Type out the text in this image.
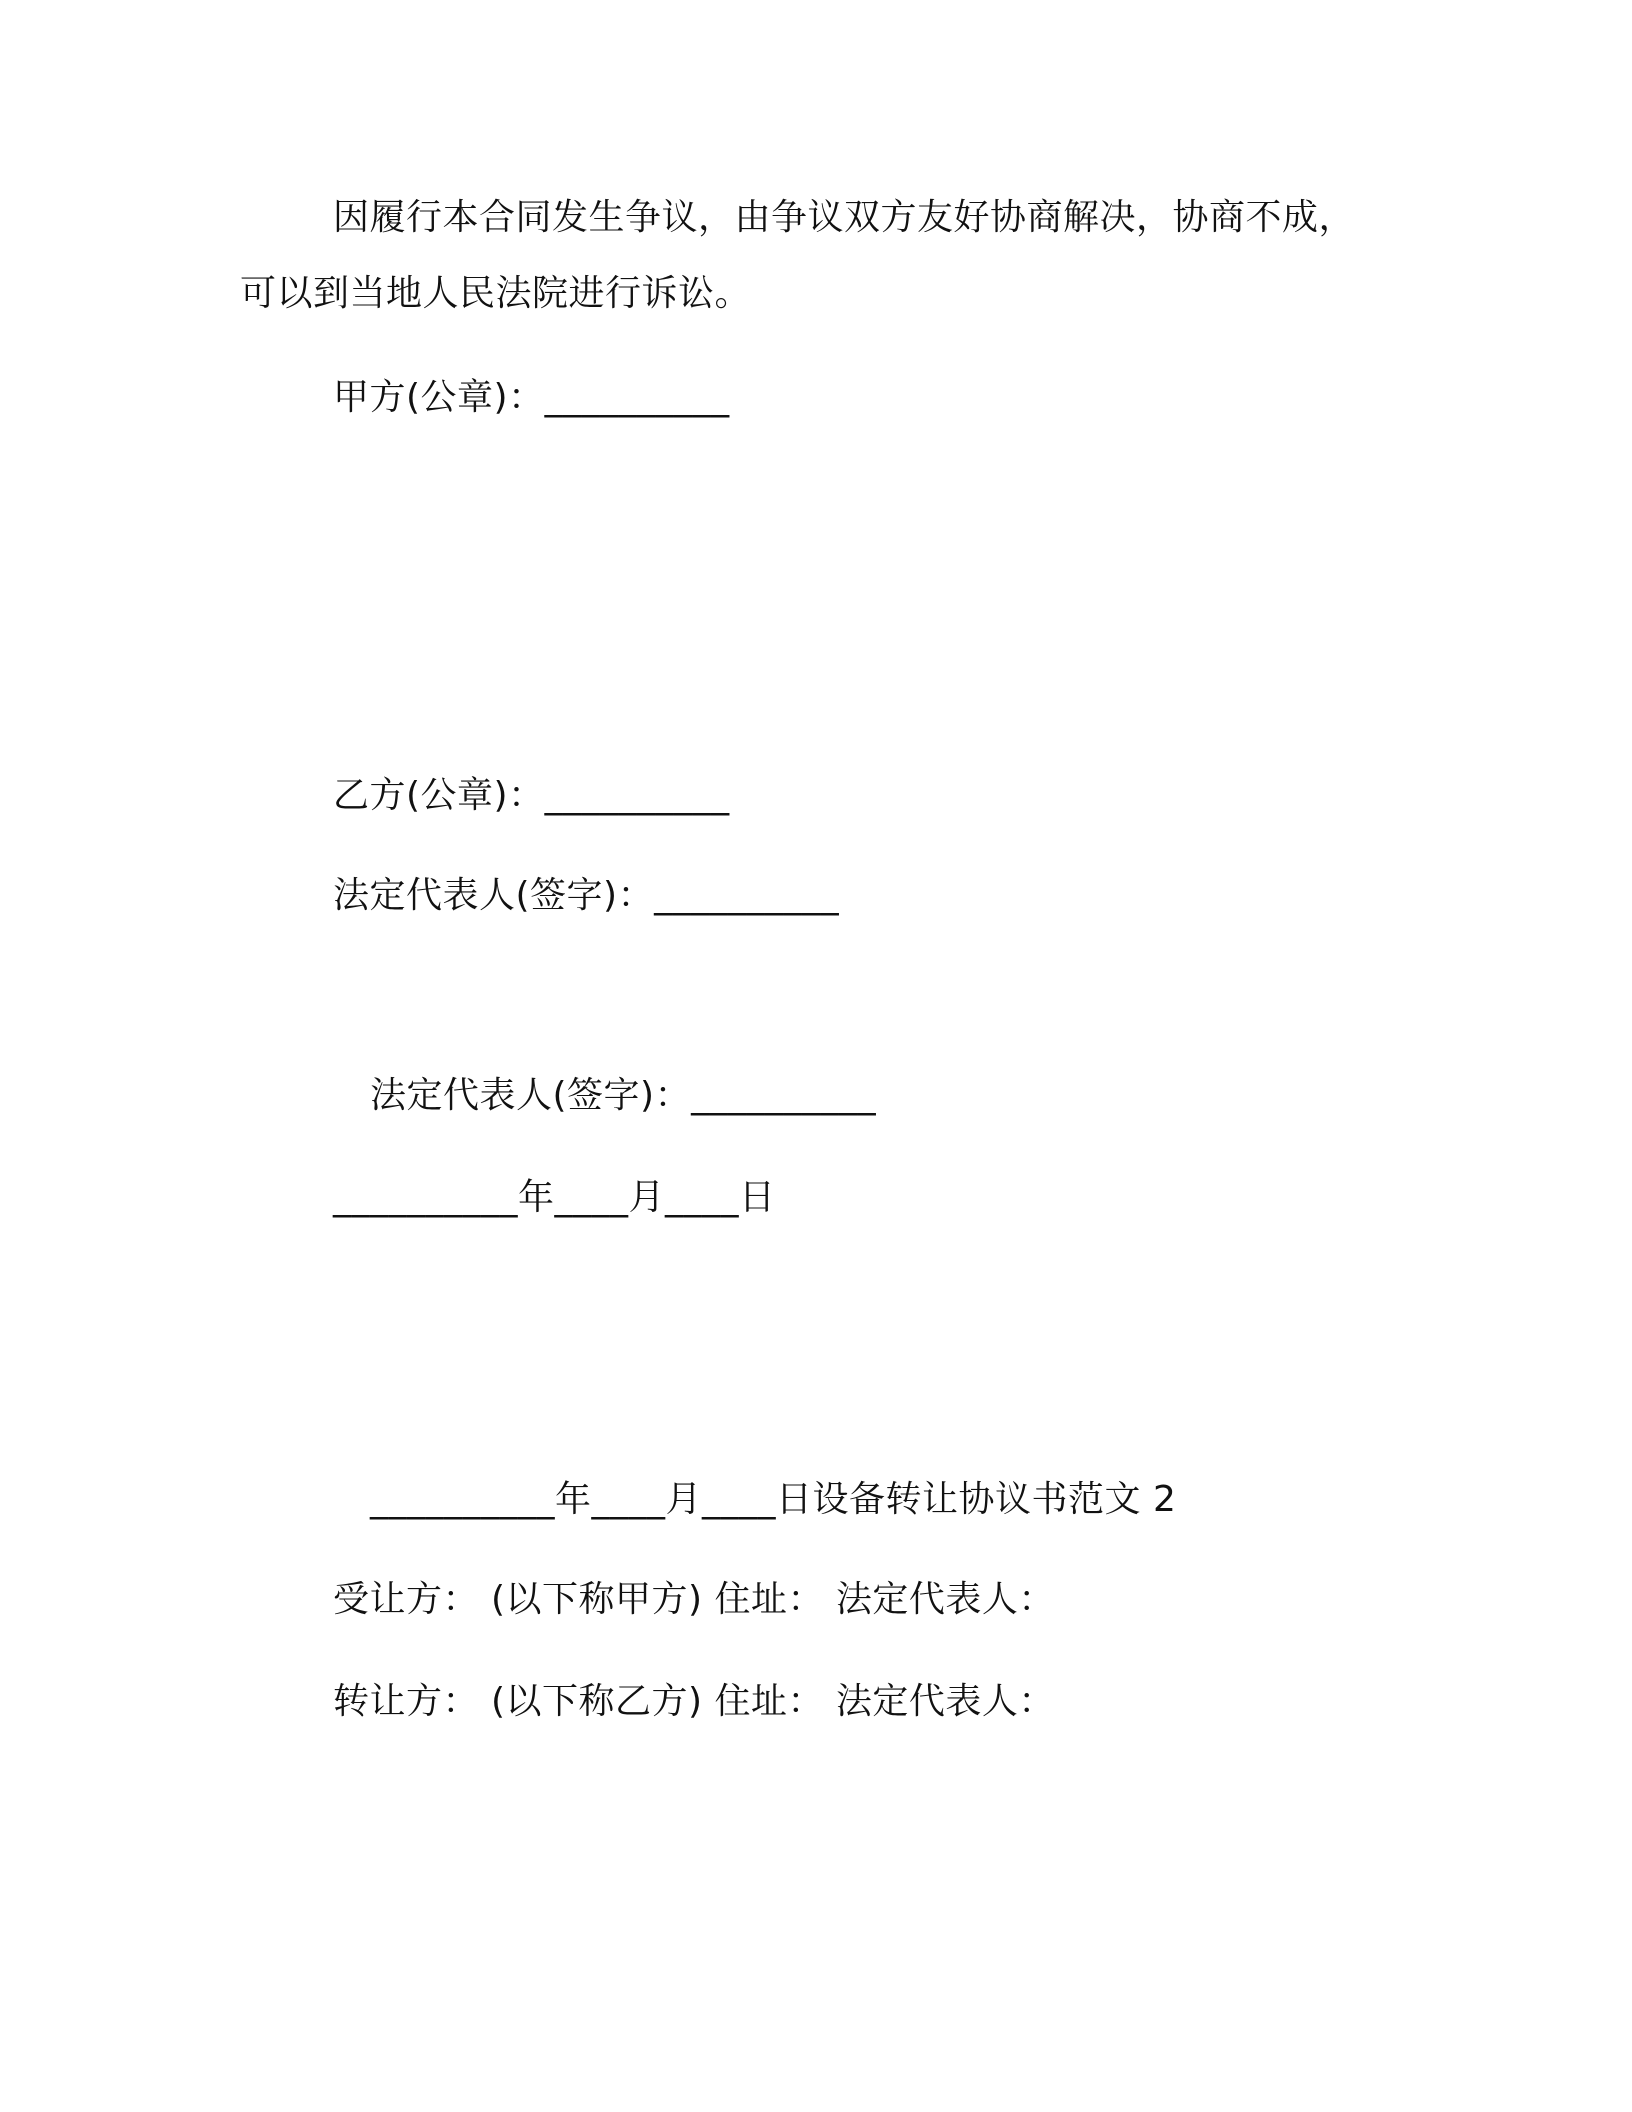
因履行本合同发生争议，由争议双方友好协商解决，协商不成，
可以到当地人民法院进行诉讼。
甲方(公章)：__________
乙方(公章)：__________
法定代表人(签字)：__________
法定代表人(签字)：__________
__________年____月____日
__________年____月____日设备转让协议书范文 2
受让方： (以下称甲方) 住址： 法定代表人：
转让方： (以下称乙方) 住址： 法定代表人：
